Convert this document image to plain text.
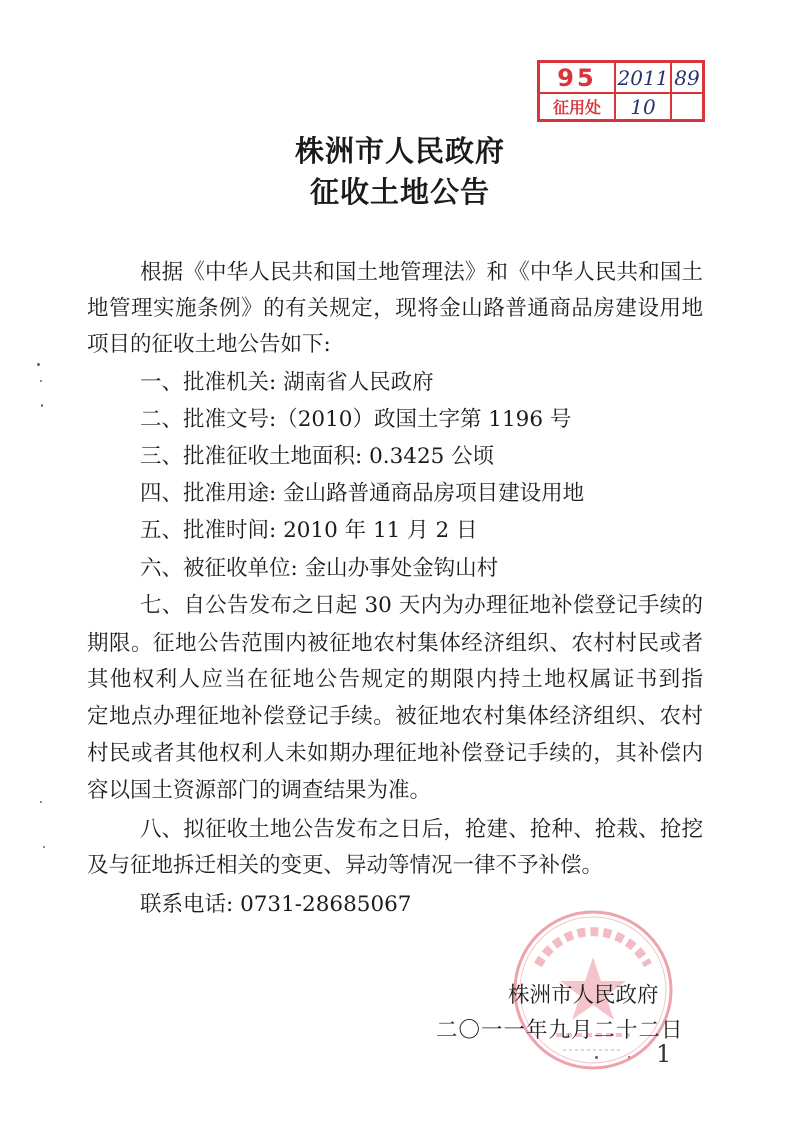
95	2011 89
征用处	10
株洲市人民政府
征收土地公告
根据《中华人民共和国土地管理法》和《中华人民共和国土
地管理实施条例》的有关规定，现将金山路普通商品房建设用地
项目的征收土地公告如下:
一、批准机关: 湖南省人民政府
二、批准文号:（2010）政国土字第 1196 号
三、批准征收土地面积: 0.3425 公顷
四、批准用途: 金山路普通商品房项目建设用地
五、批准时间: 2010 年 11 月 2 日
六、被征收单位: 金山办事处金钩山村
七、自公告发布之日起 30 天内为办理征地补偿登记手续的
期限。征地公告范围内被征地农村集体经济组织、农村村民或者
其他权利人应当在征地公告规定的期限内持土地权属证书到指
定地点办理征地补偿登记手续。被征地农村集体经济组织、农村
村民或者其他权利人未如期办理征地补偿登记手续的，其补偿内
容以国土资源部门的调查结果为准。
八、拟征收土地公告发布之日后，抢建、抢种、抢栽、抢挖
及与征地拆迁相关的变更、异动等情况一律不予补偿。
联系电话: 0731-28685067
株洲市人民政府
二〇一一年九月二十二日
1
